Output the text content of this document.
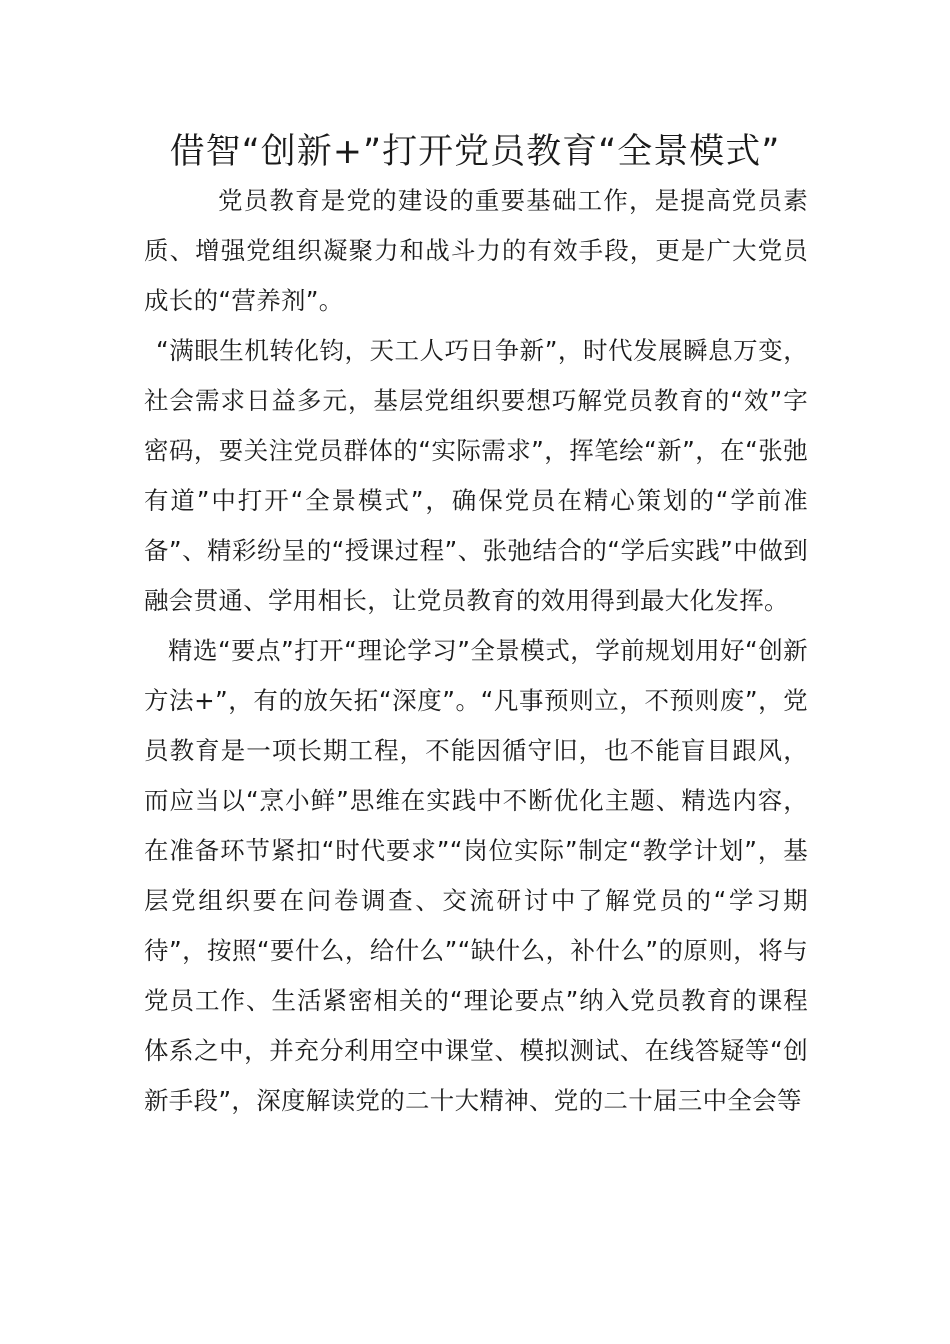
借智“创新+”打开党员教育“全景模式”

党员教育是党的建设的重要基础工作，是提高党员素质、增强党组织凝聚力和战斗力的有效手段，更是广大党员成长的“营养剂”。

“满眼生机转化钧，天工人巧日争新”，时代发展瞬息万变，社会需求日益多元，基层党组织要想巧解党员教育的“效”字密码，要关注党员群体的“实际需求”，挥笔绘“新”，在“张弛有道”中打开“全景模式”，确保党员在精心策划的“学前准备”、精彩纷呈的“授课过程”、张弛结合的“学后实践”中做到融会贯通、学用相长，让党员教育的效用得到最大化发挥。

精选“要点”打开“理论学习”全景模式，学前规划用好“创新方法+”，有的放矢拓“深度”。“凡事预则立，不预则废”，党员教育是一项长期工程，不能因循守旧，也不能盲目跟风，而应当以“烹小鲜”思维在实践中不断优化主题、精选内容，在准备环节紧扣“时代要求”“岗位实际”制定“教学计划”，基层党组织要在问卷调查、交流研讨中了解党员的“学习期待”，按照“要什么，给什么”“缺什么，补什么”的原则，将与党员工作、生活紧密相关的“理论要点”纳入党员教育的课程体系之中，并充分利用空中课堂、模拟测试、在线答疑等“创新手段”，深度解读党的二十大精神、党的二十届三中全会等
